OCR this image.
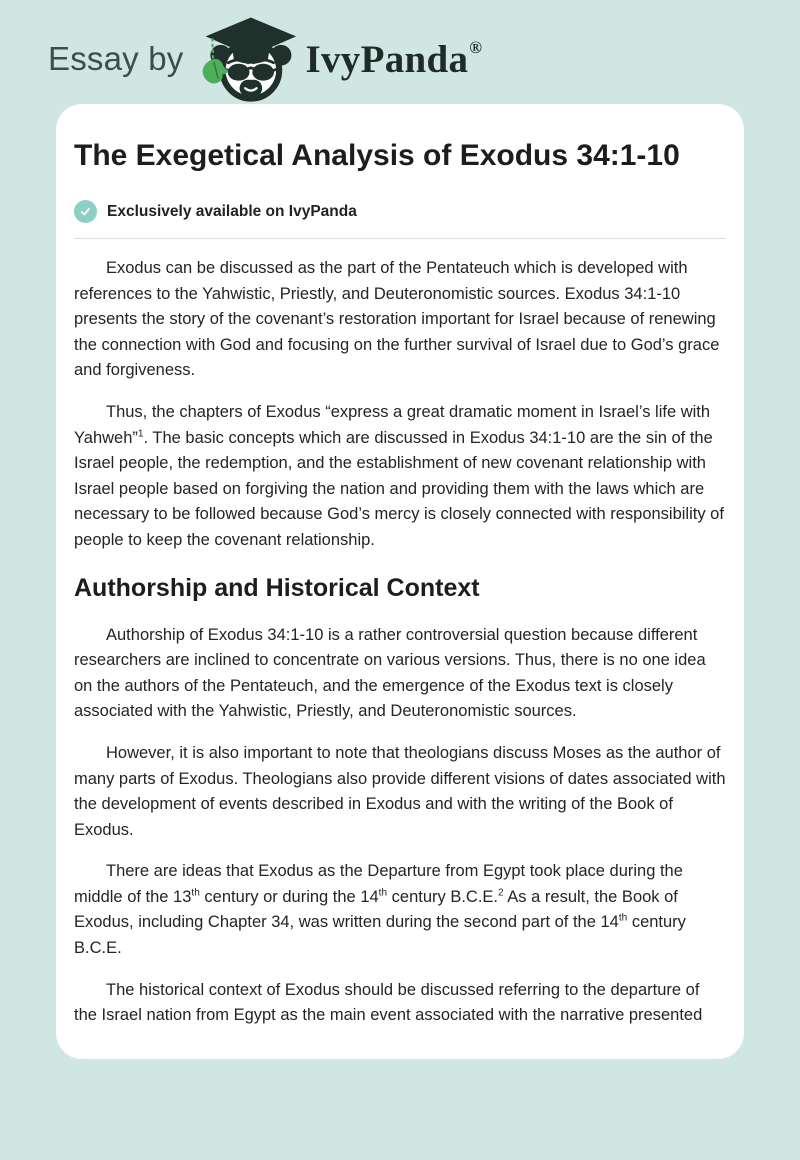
Essay by	IvyPanda®
The Exegetical Analysis of Exodus 34:1-10
Exclusively available on IvyPanda

Exodus can be discussed as the part of the Pentateuch which is developed with references to the Yahwistic, Priestly, and Deuteronomistic sources. Exodus 34:1-10 presents the story of the covenant’s restoration important for Israel because of renewing the connection with God and focusing on the further survival of Israel due to God’s grace and forgiveness.

Thus, the chapters of Exodus “express a great dramatic moment in Israel’s life with Yahweh”$^1$. The basic concepts which are discussed in Exodus 34:1-10 are the sin of the Israel people, the redemption, and the establishment of new covenant relationship with Israel people based on forgiving the nation and providing them with the laws which are necessary to be followed because God’s mercy is closely connected with responsibility of people to keep the covenant relationship.

Authorship and Historical Context

Authorship of Exodus 34:1-10 is a rather controversial question because different researchers are inclined to concentrate on various versions. Thus, there is no one idea on the authors of the Pentateuch, and the emergence of the Exodus text is closely associated with the Yahwistic, Priestly, and Deuteronomistic sources.

However, it is also important to note that theologians discuss Moses as the author of many parts of Exodus. Theologians also provide different visions of dates associated with the development of events described in Exodus and with the writing of the Book of Exodus.

There are ideas that Exodus as the Departure from Egypt took place during the middle of the 13th century or during the 14th century B.C.E.$^2$ As a result, the Book of Exodus, including Chapter 34, was written during the second part of the 14th century B.C.E.

The historical context of Exodus should be discussed referring to the departure of the Israel nation from Egypt as the main event associated with the narrative presented
